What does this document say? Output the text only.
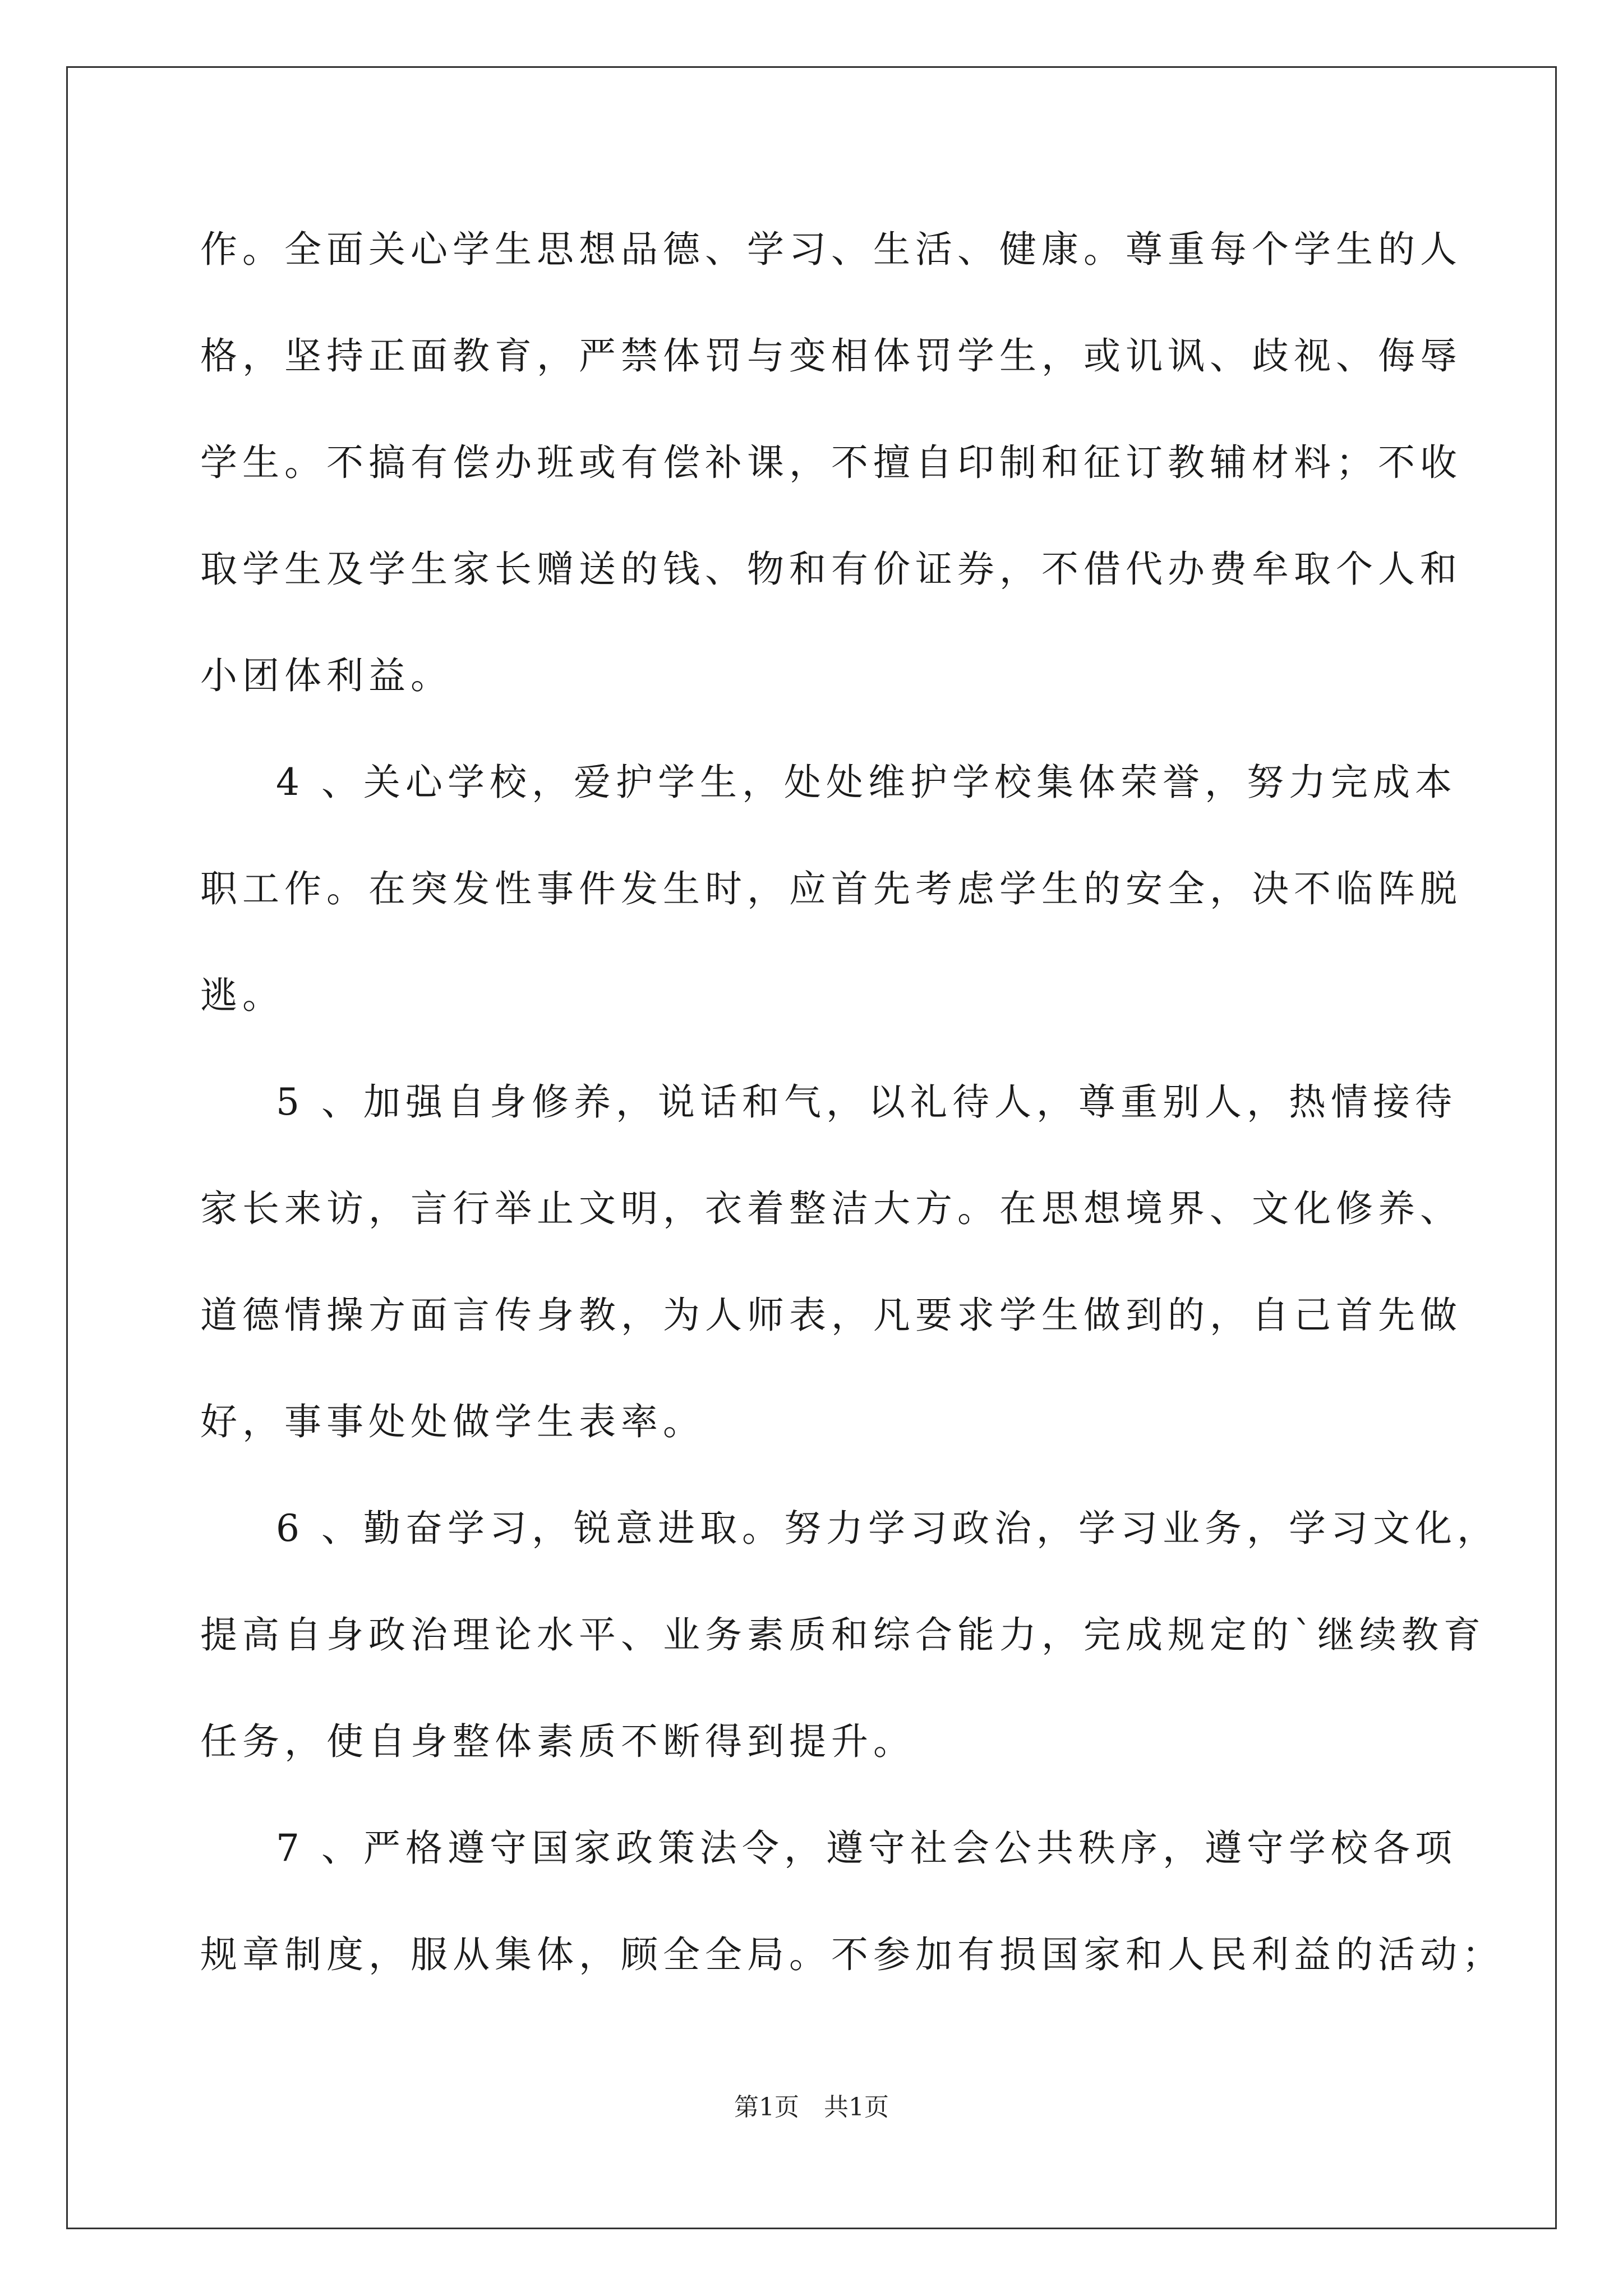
作。全面关心学生思想品德、学习、生活、健康。尊重每个学生的人
格，坚持正面教育，严禁体罚与变相体罚学生，或讥讽、歧视、侮辱
学生。不搞有偿办班或有偿补课，不擅自印制和征订教辅材料；不收
取学生及学生家长赠送的钱、物和有价证券，不借代办费牟取个人和
小团体利益。
4 、关心学校，爱护学生，处处维护学校集体荣誉，努力完成本
职工作。在突发性事件发生时，应首先考虑学生的安全，决不临阵脱
逃。
5 、加强自身修养，说话和气，以礼待人，尊重别人，热情接待
家长来访，言行举止文明，衣着整洁大方。在思想境界、文化修养、
道德情操方面言传身教，为人师表，凡要求学生做到的，自己首先做
好，事事处处做学生表率。
6 、勤奋学习，锐意进取。努力学习政治，学习业务，学习文化，
提高自身政治理论水平、业务素质和综合能力，完成规定的`继续教育
任务，使自身整体素质不断得到提升。
7 、严格遵守国家政策法令，遵守社会公共秩序，遵守学校各项
规章制度，服从集体，顾全全局。不参加有损国家和人民利益的活动；
第1页　共1页
